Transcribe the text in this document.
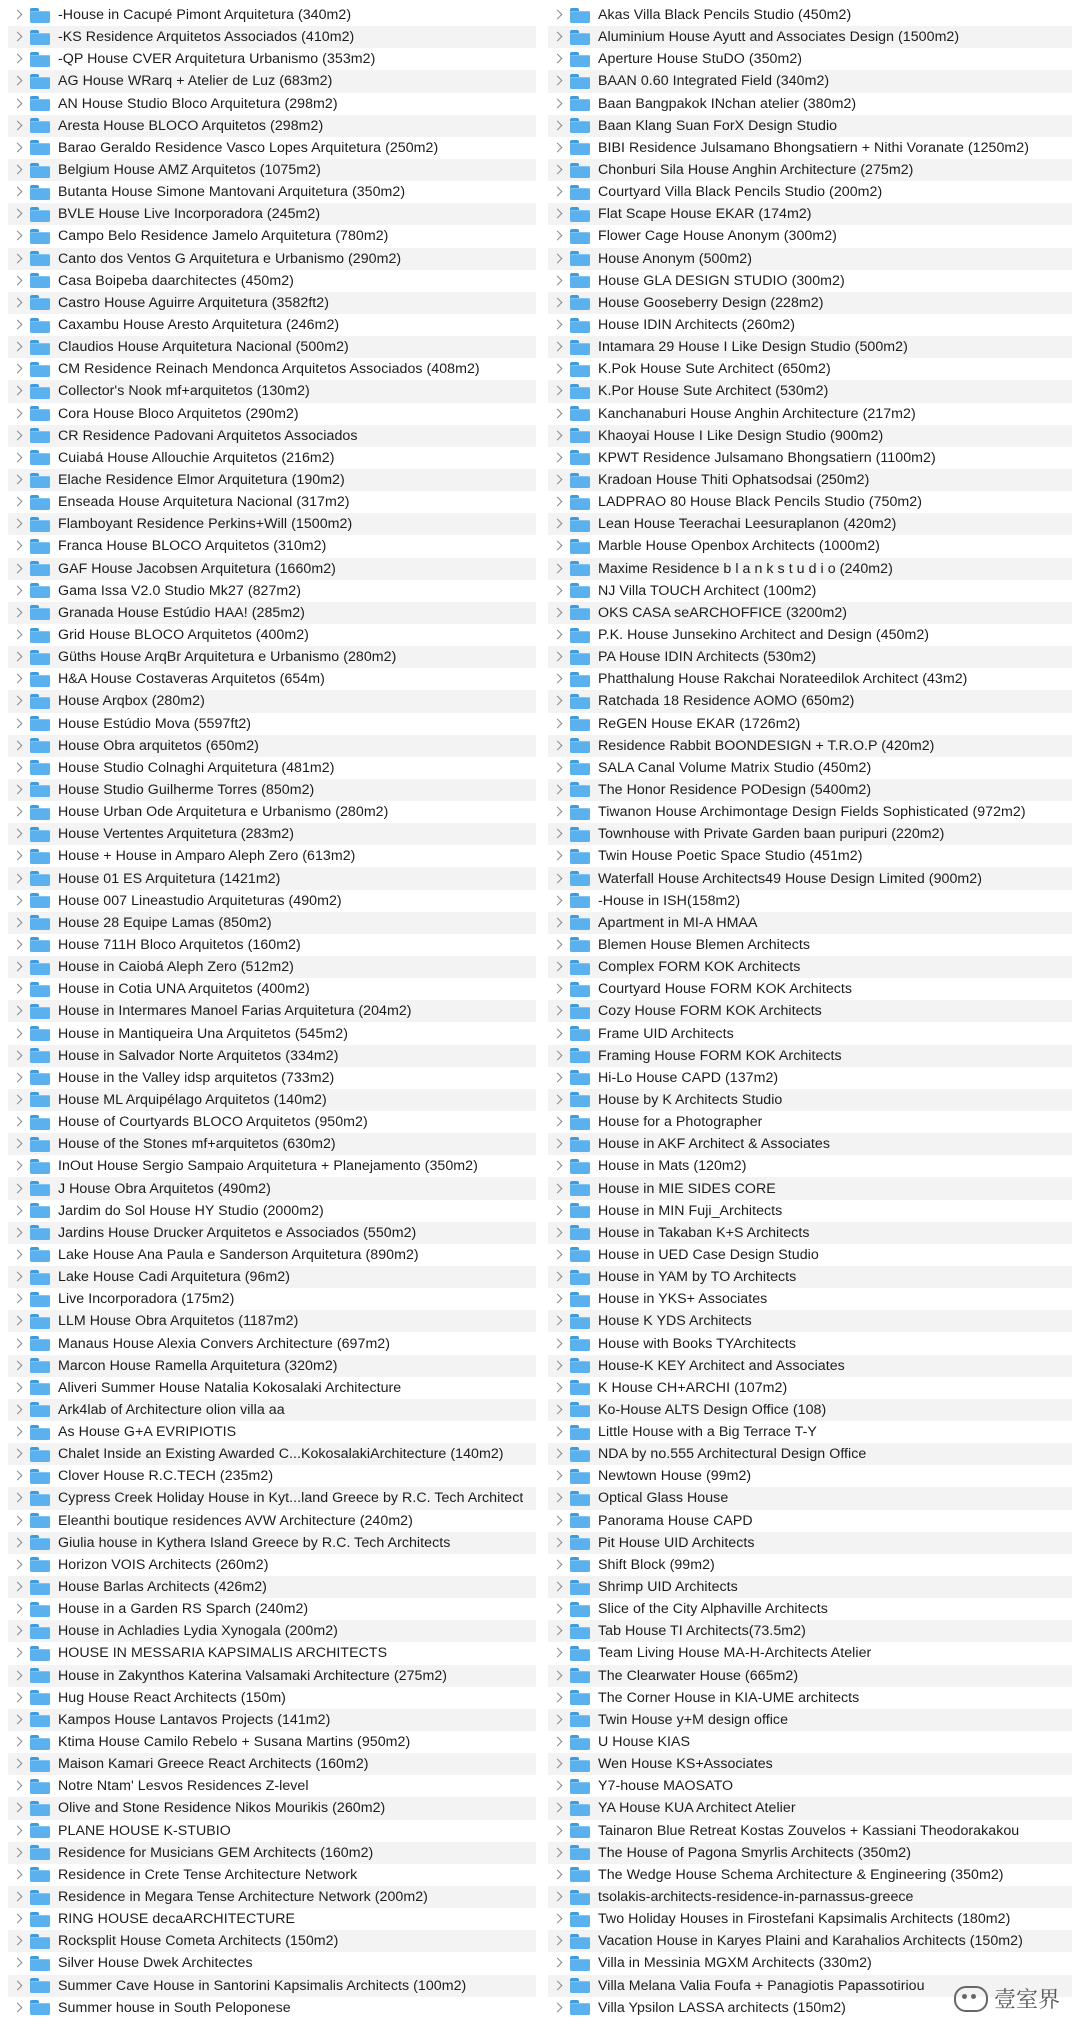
-House in Cacupé Pimont Arquitetura (340m2)
-KS Residence Arquitetos Associados (410m2)
-QP House CVER Arquitetura Urbanismo (353m2)
AG House WRarq + Atelier de Luz (683m2)
AN House Studio Bloco Arquitetura (298m2)
Aresta House BLOCO Arquitetos (298m2)
Barao Geraldo Residence Vasco Lopes Arquitetura (250m2)
Belgium House AMZ Arquitetos (1075m2)
Butanta House Simone Mantovani Arquitetura (350m2)
BVLE House Live Incorporadora (245m2)
Campo Belo Residence Jamelo Arquitetura (780m2)
Canto dos Ventos G Arquitetura e Urbanismo (290m2)
Casa Boipeba daarchitectes (450m2)
Castro House Aguirre Arquitetura (3582ft2)
Caxambu House Aresto Arquitetura (246m2)
Claudios House Arquitetura Nacional (500m2)
CM Residence Reinach Mendonca Arquitetos Associados (408m2)
Collector's Nook mf+arquitetos (130m2)
Cora House Bloco Arquitetos (290m2)
CR Residence Padovani Arquitetos Associados
Cuiabá House Allouchie Arquitetos (216m2)
Elache Residence Elmor Arquitetura (190m2)
Enseada House Arquitetura Nacional (317m2)
Flamboyant Residence Perkins+Will (1500m2)
Franca House BLOCO Arquitetos (310m2)
GAF House Jacobsen Arquitetura (1660m2)
Gama Issa V2.0 Studio Mk27 (827m2)
Granada House Estúdio HAA! (285m2)
Grid House BLOCO Arquitetos (400m2)
Güths House ArqBr Arquitetura e Urbanismo (280m2)
H&A House Costaveras Arquitetos (654m)
House Arqbox (280m2)
House Estúdio Mova (5597ft2)
House Obra arquitetos (650m2)
House Studio Colnaghi Arquitetura (481m2)
House Studio Guilherme Torres (850m2)
House Urban Ode Arquitetura e Urbanismo (280m2)
House Vertentes Arquitetura (283m2)
House + House in Amparo Aleph Zero (613m2)
House 01 ES Arquitetura (1421m2)
House 007 Lineastudio Arquiteturas (490m2)
House 28 Equipe Lamas (850m2)
House 711H Bloco Arquitetos (160m2)
House in Caiobá Aleph Zero (512m2)
House in Cotia UNA Arquitetos (400m2)
House in Intermares Manoel Farias Arquitetura (204m2)
House in Mantiqueira Una Arquitetos (545m2)
House in Salvador Norte Arquitetos (334m2)
House in the Valley idsp arquitetos (733m2)
House ML Arquipélago Arquitetos (140m2)
House of Courtyards BLOCO Arquitetos (950m2)
House of the Stones mf+arquitetos (630m2)
InOut House Sergio Sampaio Arquitetura + Planejamento (350m2)
J House Obra Arquitetos (490m2)
Jardim do Sol House HY Studio (2000m2)
Jardins House Drucker Arquitetos e Associados (550m2)
Lake House Ana Paula e Sanderson Arquitetura (890m2)
Lake House Cadi Arquitetura (96m2)
Live Incorporadora (175m2)
LLM House Obra Arquitetos (1187m2)
Manaus House Alexia Convers Architecture (697m2)
Marcon House Ramella Arquitetura (320m2)
Aliveri Summer House Natalia Kokosalaki Architecture
Ark4lab of Architecture olion villa aa
As House G+A EVRIPIOTIS
Chalet Inside an Existing Awarded C...KokosalakiArchitecture (140m2)
Clover House R.C.TECH (235m2)
Cypress Creek Holiday House in Kyt...land Greece by R.C. Tech Architect
Eleanthi boutique residences AVW Architecture (240m2)
Giulia house in Kythera Island Greece by R.C. Tech Architects
Horizon VOIS Architects (260m2)
House Barlas Architects (426m2)
House in a Garden RS Sparch (240m2)
House in Achladies Lydia Xynogala (200m2)
HOUSE IN MESSARIA KAPSIMALIS ARCHITECTS
House in Zakynthos Katerina Valsamaki Architecture (275m2)
Hug House React Architects (150m)
Kampos House Lantavos Projects (141m2)
Ktima House Camilo Rebelo + Susana Martins (950m2)
Maison Kamari Greece React Architects (160m2)
Notre Ntam' Lesvos Residences Z-level
Olive and Stone Residence Nikos Mourikis (260m2)
PLANE HOUSE K-STUBIO
Residence for Musicians GEM Architects (160m2)
Residence in Crete Tense Architecture Network
Residence in Megara Tense Architecture Network (200m2)
RING HOUSE decaARCHITECTURE
Rocksplit House Cometa Architects (150m2)
Silver House Dwek Architectes
Summer Cave House in Santorini Kapsimalis Architects (100m2)
Summer house in South Peloponese
Akas Villa Black Pencils Studio (450m2)
Aluminium House Ayutt and Associates Design (1500m2)
Aperture House StuDO (350m2)
BAAN 0.60 Integrated Field (340m2)
Baan Bangpakok INchan atelier (380m2)
Baan Klang Suan ForX Design Studio
BIBI Residence Julsamano Bhongsatiern + Nithi Voranate (1250m2)
Chonburi Sila House Anghin Architecture (275m2)
Courtyard Villa Black Pencils Studio (200m2)
Flat Scape House EKAR (174m2)
Flower Cage House Anonym (300m2)
House Anonym (500m2)
House GLA DESIGN STUDIO (300m2)
House Gooseberry Design (228m2)
House IDIN Architects (260m2)
Intamara 29 House I Like Design Studio (500m2)
K.Pok House Sute Architect (650m2)
K.Por House Sute Architect (530m2)
Kanchanaburi House Anghin Architecture (217m2)
Khaoyai House I Like Design Studio (900m2)
KPWT Residence Julsamano Bhongsatiern (1100m2)
Kradoan House Thiti Ophatsodsai (250m2)
LADPRAO 80 House Black Pencils Studio (750m2)
Lean House Teerachai Leesuraplanon (420m2)
Marble House Openbox Architects (1000m2)
Maxime Residence b l a n k s t u d i o (240m2)
NJ Villa TOUCH Architect (100m2)
OKS CASA seARCHOFFICE (3200m2)
P.K. House Junsekino Architect and Design (450m2)
PA House IDIN Architects (530m2)
Phatthalung House Rakchai Norateedilok Architect (43m2)
Ratchada 18 Residence AOMO (650m2)
ReGEN House EKAR (1726m2)
Residence Rabbit BOONDESIGN + T.R.O.P (420m2)
SALA Canal Volume Matrix Studio (450m2)
The Honor Residence PODesign (5400m2)
Tiwanon House Archimontage Design Fields Sophisticated (972m2)
Townhouse with Private Garden baan puripuri (220m2)
Twin House Poetic Space Studio (451m2)
Waterfall House Architects49 House Design Limited (900m2)
-House in ISH(158m2)
Apartment in MI-A HMAA
Blemen House Blemen Architects
Complex FORM KOK Architects
Courtyard House FORM KOK Architects
Cozy House FORM KOK Architects
Frame UID Architects
Framing House FORM KOK Architects
Hi-Lo House CAPD (137m2)
House by K Architects Studio
House for a Photographer
House in AKF Architect & Associates
House in Mats (120m2)
House in MIE SIDES CORE
House in MIN Fuji_Architects
House in Takaban K+S Architects
House in UED Case Design Studio
House in YAM by TO Architects
House in YKS+ Associates
House K YDS Architects
House with Books TYArchitects
House-K KEY Architect and Associates
K House CH+ARCHI (107m2)
Ko-House ALTS Design Office (108)
Little House with a Big Terrace T-Y
NDA by no.555 Architectural Design Office
Newtown House (99m2)
Optical Glass House
Panorama House CAPD
Pit House UID Architects
Shift Block (99m2)
Shrimp UID Architects
Slice of the City Alphaville Architects
Tab House TI Architects(73.5m2)
Team Living House MA-H-Architects Atelier
The Clearwater House (665m2)
The Corner House in KIA-UME architects
Twin House y+M design office
U House KIAS
Wen House KS+Associates
Y7-house MAOSATO
YA House KUA Architect Atelier
Tainaron Blue Retreat Kostas Zouvelos + Kassiani Theodorakakou
The House of Pagona Smyrlis Architects (350m2)
The Wedge House Schema Architecture & Engineering (350m2)
tsolakis-architects-residence-in-parnassus-greece
Two Holiday Houses in Firostefani Kapsimalis Architects (180m2)
Vacation House in Karyes Plaini and Karahalios Architects (150m2)
Villa in Messinia MGXM Architects (330m2)
Villa Melana Valia Foufa + Panagiotis Papassotiriou
Villa Ypsilon LASSA architects (150m2)	壹室界
